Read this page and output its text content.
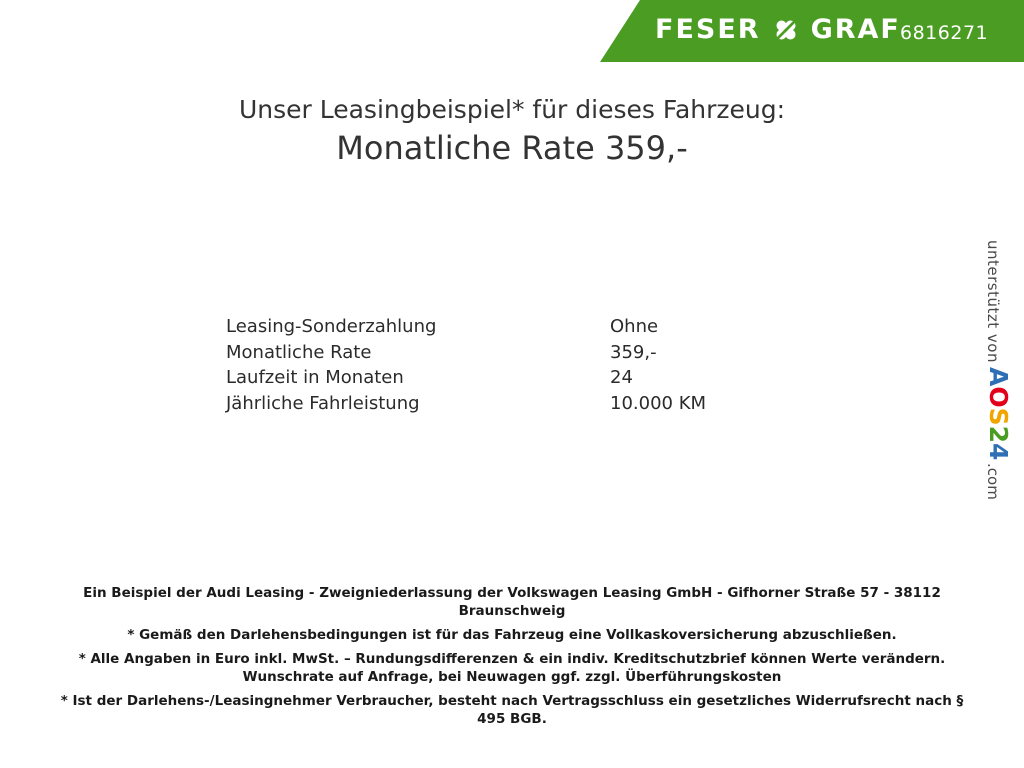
FESER GRAF 6816271
Unser Leasingbeispiel* für dieses Fahrzeug:
Monatliche Rate 359,-
Leasing-Sonderzahlung	Ohne
Monatliche Rate	359,-
Laufzeit in Monaten	24
Jährliche Fahrleistung	10.000 KM
unterstützt von
AOS24
.com
Ein Beispiel der Audi Leasing - Zweigniederlassung der Volkswagen Leasing GmbH - Gifhorner Straße 57 - 38112 Braunschweig
* Gemäß den Darlehensbedingungen ist für das Fahrzeug eine Vollkaskoversicherung abzuschließen.
* Alle Angaben in Euro inkl. MwSt. – Rundungsdifferenzen & ein indiv. Kreditschutzbrief können Werte verändern. Wunschrate auf Anfrage, bei Neuwagen ggf. zzgl. Überführungskosten
* Ist der Darlehens-/Leasingnehmer Verbraucher, besteht nach Vertragsschluss ein gesetzliches Widerrufsrecht nach § 495 BGB.
